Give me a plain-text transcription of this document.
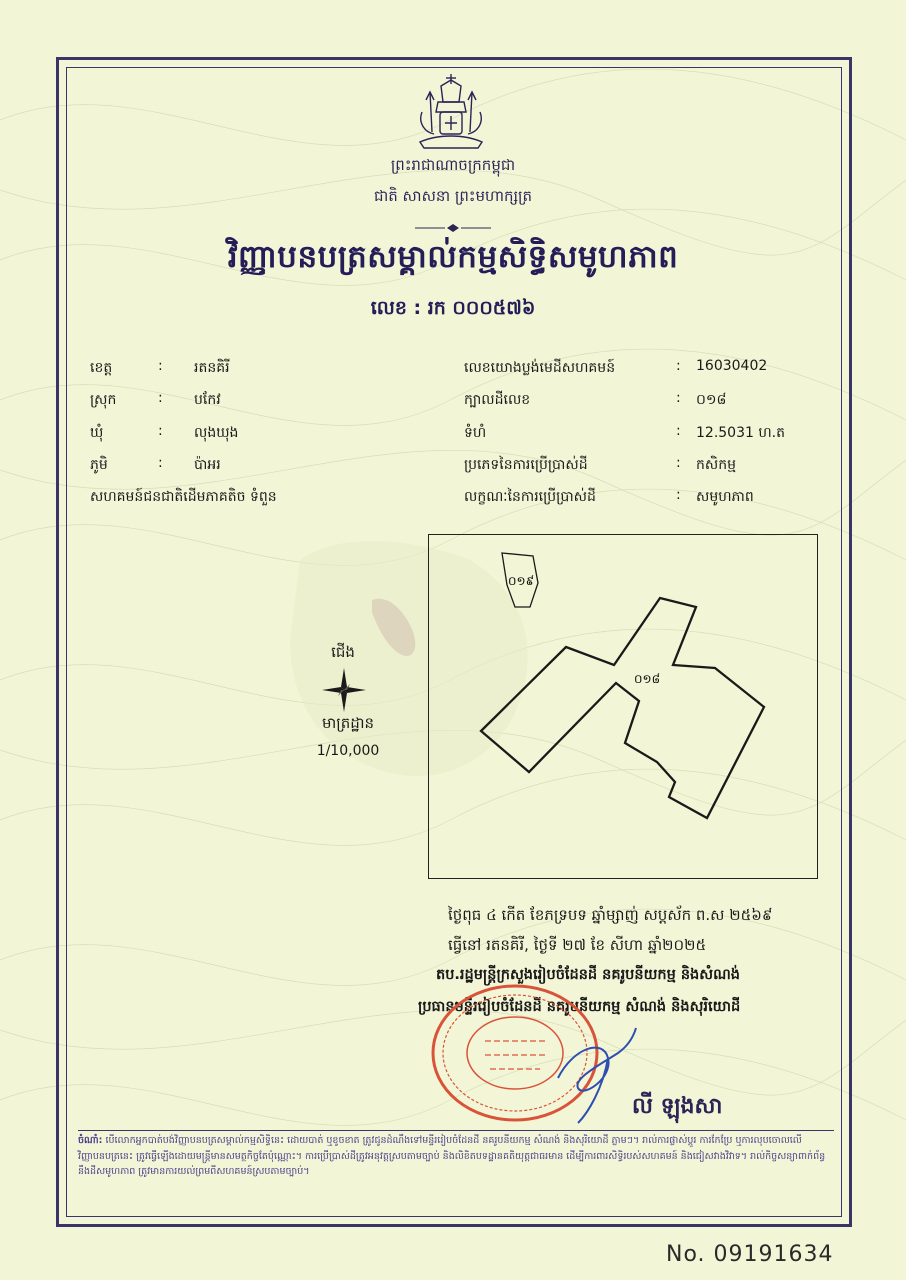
ព្រះរាជាណាចក្រកម្ពុជា
ជាតិ សាសនា ព្រះមហាក្សត្រ
វិញ្ញាបនបត្រសម្គាល់កម្មសិទ្ធិសមូហភាព
លេខ : រក ០០០៥៧៦
ខេត្ត	: រតនគិរី
ស្រុក	: បកែវ
ឃុំ	: លុងឃុង
ភូមិ	: ប៉ាអរ
សហគមន៍ជនជាតិដើមភាគតិច ទំពួន
លេខយោងប្លង់មេដីសហគមន៍	: 16030402
ក្បាលដីលេខ	: ០១៨
ទំហំ	: 12.5031 ហ.ត
ប្រភេទនៃការប្រើប្រាស់ដី	: កសិកម្ម
លក្ខណៈនៃការប្រើប្រាស់ដី	: សមូហភាព
ជើង
មាត្រដ្ឋាន
1/10,000
០១៩
០១៨
ថ្ងៃពុធ ៤ កើត ខែភទ្របទ ឆ្នាំម្សាញ់ សប្តស័ក ព.ស ២៥៦៩
ធ្វើនៅ រតនគិរី, ថ្ងៃទី ២៧ ខែ សីហា ឆ្នាំ២០២៥
តប.រដ្ឋមន្ត្រីក្រសួងរៀបចំដែនដី នគរូបនីយកម្ម និងសំណង់
ប្រធានមន្ទីររៀបចំដែនដី នគរូបនីយកម្ម សំណង់ និងសុរិយោដី
លី ឡុងសា
ចំណាំ: បើលោកអ្នកបាត់បង់វិញ្ញាបនបត្រសម្គាល់កម្មសិទ្ធិនេះ ដោយបាត់ ឬខូចខាត ត្រូវជូនដំណឹងទៅមន្ទីររៀបចំដែនដី នគរូបនីយកម្ម សំណង់ និងសុរិយោដី ភ្លាមៗ។ រាល់ការផ្លាស់ប្តូរ ការកែប្រែ ឬការលុបចោលលើវិញ្ញាបនបត្រនេះ ត្រូវធ្វើឡើងដោយមន្ត្រីមានសមត្ថកិច្ចតែប៉ុណ្ណោះ។ ការប្រើប្រាស់ដីត្រូវអនុវត្តស្របតាមច្បាប់ និងលិខិតបទដ្ឋានគតិយុត្តជាធរមាន ដើម្បីការពារសិទ្ធិរបស់សហគមន៍ និងជៀសវាងវិវាទ។ រាល់កិច្ចសន្យាពាក់ព័ន្ធនឹងដីសមូហភាព ត្រូវមានការយល់ព្រមពីសហគមន៍ស្របតាមច្បាប់។
No. 09191634
